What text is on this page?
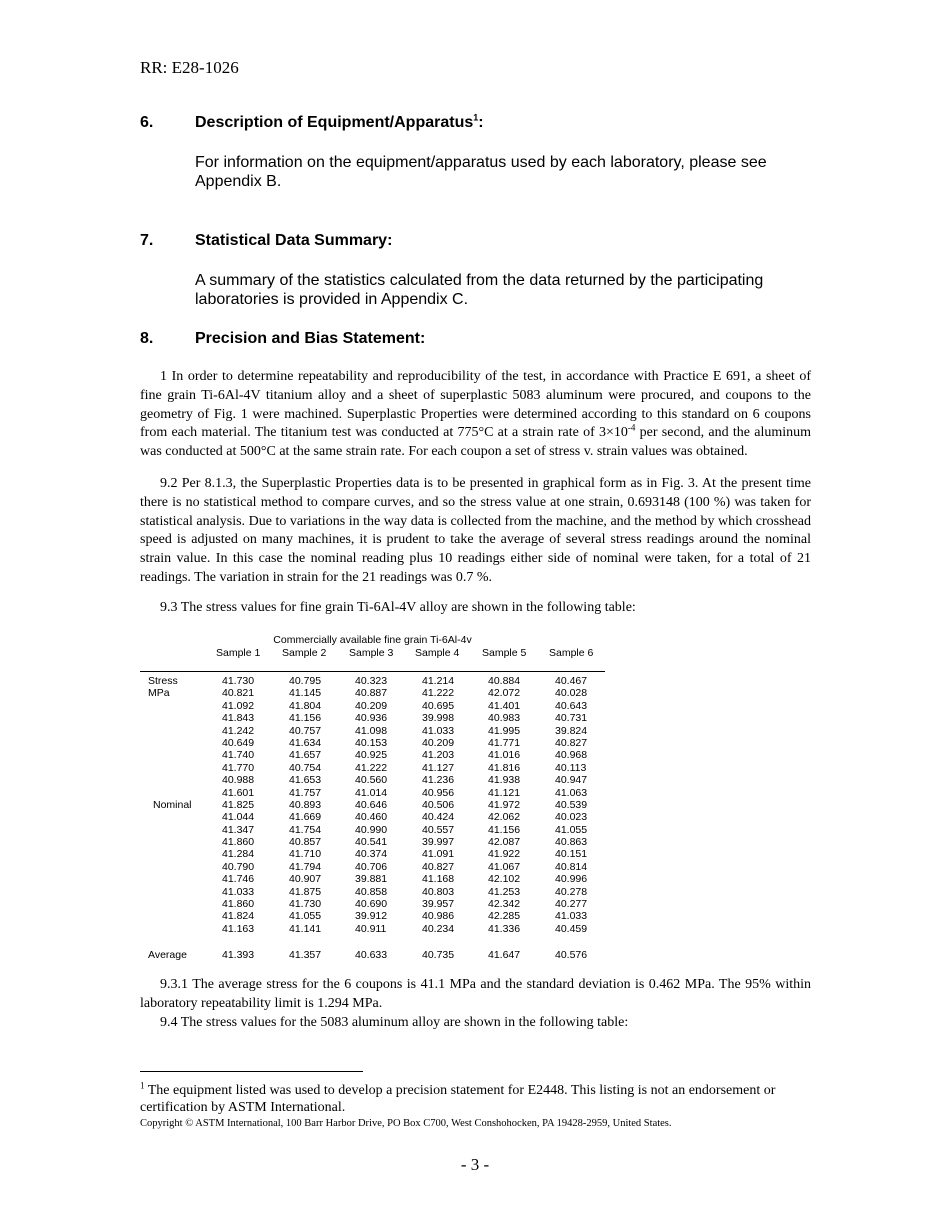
RR: E28-1026
6.	Description of Equipment/Apparatus$^1$:
For information on the equipment/apparatus used by each laboratory, please see Appendix B.
7.	Statistical Data Summary:
A summary of the statistics calculated from the data returned by the participating laboratories is provided in Appendix C.
8.	Precision and Bias Statement:
1 In order to determine repeatability and reproducibility of the test, in accordance with Practice E 691, a sheet of fine grain Ti-6Al-4V titanium alloy and a sheet of superplastic 5083 aluminum were procured, and coupons to the geometry of Fig. 1 were machined. Superplastic Properties were determined according to this standard on 6 coupons from each material. The titanium test was conducted at 775°C at a strain rate of $3\times 10^{-4}$ per second, and the aluminum was conducted at 500°C at the same strain rate. For each coupon a set of stress v. strain values was obtained.
9.2 Per 8.1.3, the Superplastic Properties data is to be presented in graphical form as in Fig. 3. At the present time there is no statistical method to compare curves, and so the stress value at one strain, 0.693148 (100 %) was taken for statistical analysis. Due to variations in the way data is collected from the machine, and the method by which crosshead speed is adjusted on many machines, it is prudent to take the average of several stress readings around the nominal strain value. In this case the nominal reading plus 10 readings either side of nominal were taken, for a total of 21 readings. The variation in strain for the 21 readings was 0.7 %.
9.3 The stress values for fine grain Ti-6Al-4V alloy are shown in the following table:
Commercially available fine grain Ti-6Al-4v
Sample 1 Sample 2 Sample 3 Sample 4 Sample 5 Sample 6
Stress	41.730	40.795	40.323	41.214	40.884	40.467
MPa	40.821	41.145	40.887	41.222	42.072	40.028
41.092	41.804	40.209	40.695	41.401	40.643
41.843	41.156	40.936	39.998	40.983	40.731
41.242	40.757	41.098	41.033	41.995	39.824
40.649	41.634	40.153	40.209	41.771	40.827
41.740	41.657	40.925	41.203	41.016	40.968
41.770	40.754	41.222	41.127	41.816	40.113
40.988	41.653	40.560	41.236	41.938	40.947
41.601	41.757	41.014	40.956	41.121	41.063
Nominal	41.825	40.893	40.646	40.506	41.972	40.539
41.044	41.669	40.460	40.424	42.062	40.023
41.347	41.754	40.990	40.557	41.156	41.055
41.860	40.857	40.541	39.997	42.087	40.863
41.284	41.710	40.374	41.091	41.922	40.151
40.790	41.794	40.706	40.827	41.067	40.814
41.746	40.907	39.881	41.168	42.102	40.996
41.033	41.875	40.858	40.803	41.253	40.278
41.860	41.730	40.690	39.957	42.342	40.277
41.824	41.055	39.912	40.986	42.285	41.033
41.163	41.141	40.911	40.234	41.336	40.459
Average	41.393	41.357	40.633	40.735	41.647	40.576
9.3.1 The average stress for the 6 coupons is 41.1 MPa and the standard deviation is 0.462 MPa. The 95% within laboratory repeatability limit is 1.294 MPa.
9.4 The stress values for the 5083 aluminum alloy are shown in the following table:
$^1$ The equipment listed was used to develop a precision statement for E2448. This listing is not an endorsement or certification by ASTM International.
Copyright © ASTM International, 100 Barr Harbor Drive, PO Box C700, West Conshohocken, PA 19428-2959, United States.
- 3 -
